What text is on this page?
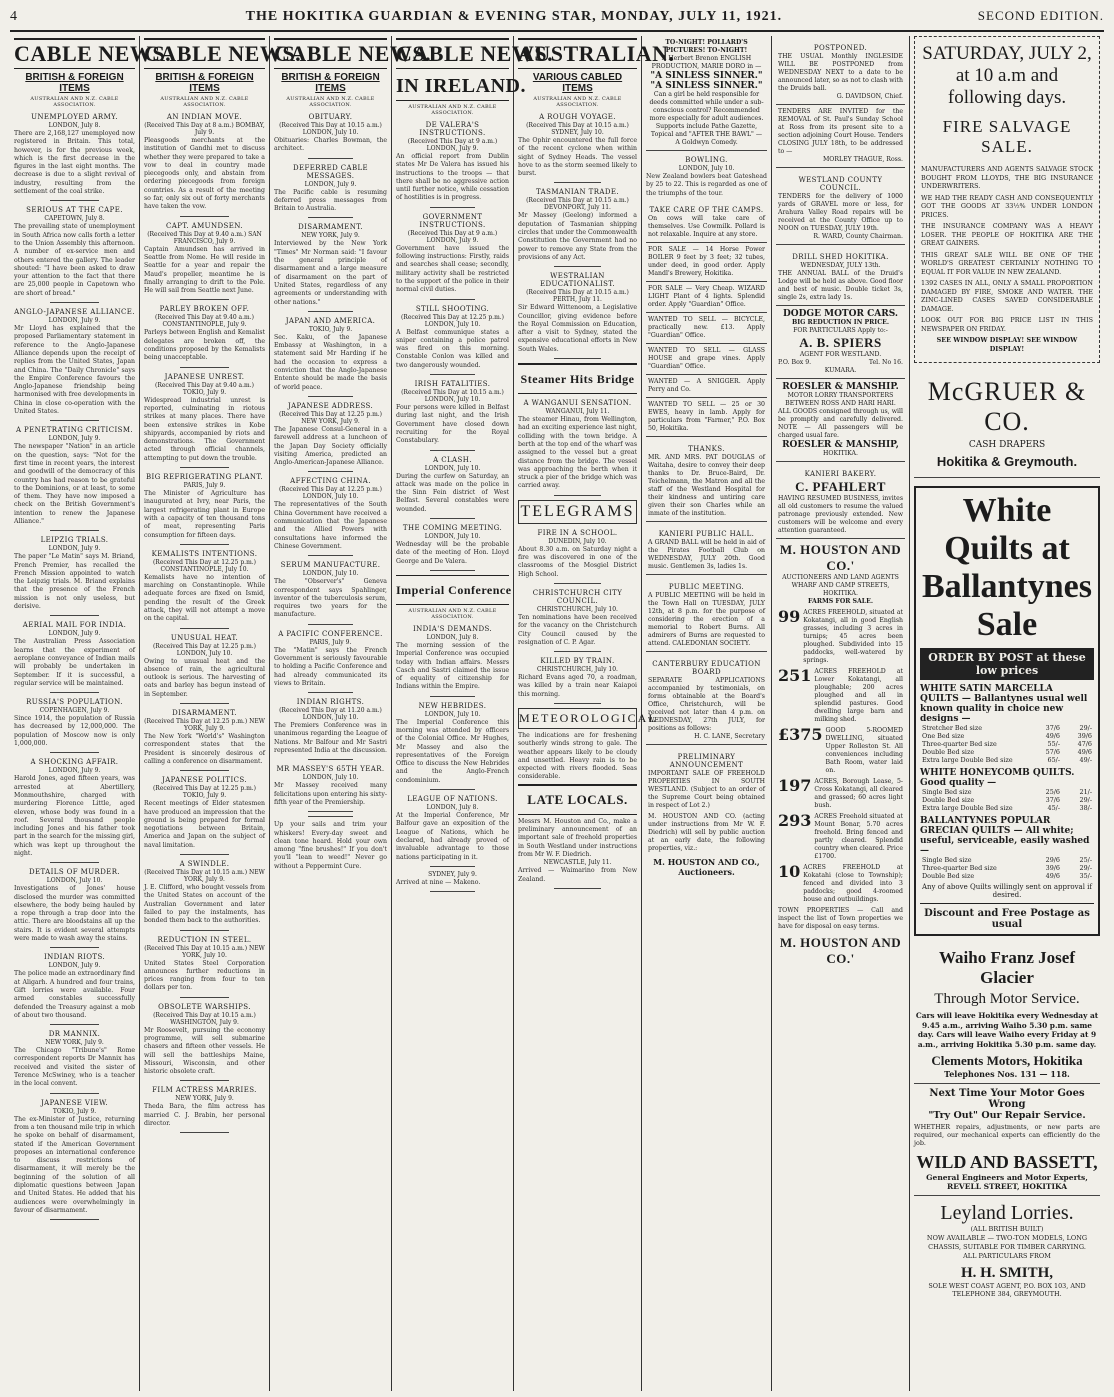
4	THE HOKITIKA GUARDIAN & EVENING STAR, MONDAY, JULY 11, 1921.	SECOND EDITION.
CABLE NEWS.
BRITISH & FOREIGN ITEMS
AUSTRALIAN AND N.Z. CABLE ASSOCIATION.
UNEMPLOYED ARMY.
LONDON, July 8.
There are 2,168,127 unemployed now registered in Britain. This total, however, is for the previous week, which is the first decrease in the figures in the last eight months. The decrease is due to a slight revival of industry, resulting from the settlement of the coal strike.
SERIOUS AT THE CAPE.
CAPETOWN, July 8.
The prevailing state of unemployment in South Africa now calls forth a letter to the Union Assembly this afternoon. A number of ex-service men and others entered the gallery. The leader shouted: "I have been asked to draw your attention to the fact that there are 25,000 people in Capetown who are short of bread."
ANGLO-JAPANESE ALLIANCE.
LONDON, July 9.
Mr Lloyd has explained that the proposed Parliamentary statement in reference to the Anglo-Japanese Alliance depends upon the receipt of replies from the United States, Japan and China. The "Daily Chronicle" says the Empire Conference favours the Anglo-Japanese friendship being harmonised with free developments in China in close co-operation with the United States.
A PENETRATING CRITICISM.
LONDON, July 9.
The newspaper "Nation" in an article on the question, says: "Not for the first time in recent years, the interest and goodwill of the democracy of this country has had reason to be grateful to the Dominions, or at least, to some of them. They have now imposed a check on the British Government's intention to renew the Japanese Alliance."
LEIPZIG TRIALS.
LONDON, July 9.
The paper "Le Matin" says M. Briand, French Premier, has recalled the French Mission appointed to watch the Leipzig trials. M. Briand explains that the presence of the French mission is not only useless, but derisive.
AERIAL MAIL FOR INDIA.
LONDON, July 9.
The Australian Press Association learns that the experiment of aeroplane conveyance of Indian mails will probably be undertaken in September. If it is successful, a regular service will be maintained.
RUSSIA'S POPULATION.
COPENHAGEN, July 9.
Since 1914, the population of Russia has decreased by 12,000,000. The population of Moscow now is only 1,000,000.
A SHOCKING AFFAIR.
LONDON, July 9.
Harold Jones, aged fifteen years, was arrested at Abertillery, Monmouthshire, charged with murdering Florence Little, aged eleven, whose body was found in a roof. Several thousand people including Jones and his father took part in the search for the missing girl, which was kept up throughout the night.
DETAILS OF MURDER.
LONDON, July 10.
Investigations of Jones' house disclosed the murder was committed elsewhere, the body being hauled by a rope through a trap door into the attic. There are bloodstains all up the stairs. It is evident several attempts were made to wash away the stains.
INDIAN RIOTS.
LONDON, July 9.
The police made an extraordinary find at Aligarh. A hundred and four trains, Gift lorries were available. Four armed constables successfully defended the Treasury against a mob of about two thousand.
DR MANNIX.
NEW YORK, July 9.
The Chicago "Tribune's" Rome correspondent reports Dr Mannix has received and visited the sister of Terence McSwiney, who is a teacher in the local convent.
JAPANESE VIEW.
TOKIO, July 9.
The ex-Minister of Justice, returning from a ten thousand mile trip in which he spoke on behalf of disarmament, stated if the American Government proposes an international conference to discuss restrictions of disarmament, it will merely be the beginning of the solution of all diplomatic questions between Japan and United States. He added that his audiences were overwhelmingly in favour of disarmament.
CABLE NEWS.
BRITISH & FOREIGN ITEMS
AUSTRALIAN AND N.Z. CABLE ASSOCIATION.
AN INDIAN MOVE.
(Received This Day at 8 a.m.) BOMBAY, July 9.
Pleasgoods merchants at the institution of Gandhi met to discuss whether they were prepared to take a vow to deal in country made piecegoods only, and abstain from ordering piecegoods from foreign countries. As a result of the meeting so far, only six out of forty merchants have taken the vow.
CAPT. AMUNDSEN.
(Received This Day at 9.40 a.m.) SAN FRANCISCO, July 9.
Captain Amundsen has arrived in Seattle from Nome. He will reside in Seattle for a year and repair the Maud's propeller, meantime he is finally arranging to drift to the Pole. He will sail from Seattle next June.
PARLEY BROKEN OFF.
(Received This Day at 9.40 a.m.) CONSTANTINOPLE, July 9.
Parleys between English and Kemalist delegates are broken off, the conditions proposed by the Kemalists being unacceptable.
JAPANESE UNREST.
(Received This Day at 9.40 a.m.) TOKIO, July 9.
Widespread industrial unrest is reported, culminating in riotous strikes at many places. There have been extensive strikes in Kobe shipyards, accompanied by riots and demonstrations. The Government acted through official channels, attempting to put down the trouble.
BIG REFRIGERATING PLANT.
PARIS, July 9.
The Minister of Agriculture has inaugurated at Ivry, near Paris, the largest refrigerating plant in Europe with a capacity of ten thousand tons of meat, representing Paris consumption for fifteen days.
KEMALISTS INTENTIONS.
(Received This Day at 12.25 p.m.) CONSTANTINOPLE, July 10.
Kemalists have no intention of marching on Constantinople. While adequate forces are fixed on Ismid, pending the result of the Greek attack, they will not attempt a move on the capital.
UNUSUAL HEAT.
(Received This Day at 12.25 p.m.) LONDON, July 10.
Owing to unusual heat and the absence of rain, the agricultural outlook is serious. The harvesting of oats and barley has begun instead of in September.
DISARMAMENT.
(Received This Day at 12.25 p.m.) NEW YORK, July 9.
The New York "World's" Washington correspondent states that the President is sincerely desirous of calling a conference on disarmament.
JAPANESE POLITICS.
(Received This Day at 12.25 p.m.) TOKIO, July 9.
Recent meetings of Elder statesmen have produced an impression that the ground is being prepared for formal negotiations between Britain, America and Japan on the subject of naval limitation.
A SWINDLE.
(Received This Day at 10.15 a.m.) NEW YORK, July 9.
J. E. Clifford, who bought vessels from the United States on account of the Australian Government and later failed to pay the instalments, has bonded them back to the authorities.
REDUCTION IN STEEL.
(Received This Day at 10.15 a.m.) NEW YORK, July 10.
United States Steel Corporation announces further reductions in prices ranging from four to ten dollars per ton.
OBSOLETE WARSHIPS.
(Received This Day at 10.15 a.m.) WASHINGTON, July 9.
Mr Roosevelt, pursuing the economy programme, will sell submarine chasers and fifteen other vessels. He will sell the battleships Maine, Missouri, Wisconsin, and other historic obsolete craft.
FILM ACTRESS MARRIES.
NEW YORK, July 9.
Theda Bara, the film actress has married C. J. Brabin, her personal director.
CABLE NEWS.
BRITISH & FOREIGN ITEMS
AUSTRALIAN AND N.Z. CABLE ASSOCIATION.
OBITUARY.
(Received This Day at 10.15 a.m.) LONDON, July 10.
Obituaries: Charles Bowman, the architect.
DEFERRED CABLE MESSAGES.
LONDON, July 9.
The Pacific cable is resuming deferred press messages from Britain to Australia.
DISARMAMENT.
NEW YORK, July 9.
Interviewed by the New York "Times" Mr Norman said: "I favour the general principle of disarmament and a large measure of disarmament on the part of United States, regardless of any agreements or understanding with other nations."
JAPAN AND AMERICA.
TOKIO, July 9.
Sec. Kaku, of the Japanese Embassy at Washington, in a statement said Mr Harding if he had the occasion to express a conviction that the Anglo-Japanese Entente should be made the basis of world peace.
JAPANESE ADDRESS.
(Received This Day at 12.25 p.m.) NEW YORK, July 9.
The Japanese Consul-General in a farewell address at a luncheon of the Japan Day Society officially visiting America, predicted an Anglo-American-Japanese Alliance.
AFFECTING CHINA.
(Received This Day at 12.25 p.m.) LONDON, July 10.
The representatives of the South China Government have received a communication that the Japanese and the Allied Powers with consultations have informed the Chinese Government.
SERUM MANUFACTURE.
LONDON, July 10.
The "Observer's" Geneva correspondent says Spahlinger, inventor of the tuberculosis serum, requires two years for the manufacture.
A PACIFIC CONFERENCE.
PARIS, July 9.
The "Matin" says the French Government is seriously favourable to holding a Pacific Conference and had already communicated its views to Britain.
INDIAN RIGHTS.
(Received This Day at 11.20 a.m.) LONDON, July 10.
The Premiers Conference was in unanimous regarding the League of Nations. Mr Balfour and Mr Sastri represented India at the discussion.
MR MASSEY'S 65TH YEAR.
LONDON, July 10.
Mr Massey received many felicitations upon entering his sixty-fifth year of the Premiership.
Up your sails and trim your whiskers! Every-day sweet and clean tone heard. Hold your own among "fine brushes!" If you don't you'll "lean to weed!" Never go without a Peppermint Cure.
CABLE NEWS.
IN IRELAND.
AUSTRALIAN AND N.Z. CABLE ASSOCIATION.
DE VALERA'S INSTRUCTIONS.
(Received This Day at 9 a.m.) LONDON, July 9.
An official report from Dublin states Mr De Valera has issued his instructions to the troops — that there shall be no aggressive action until further notice, while cessation of hostilities is in progress.
GOVERNMENT INSTRUCTIONS.
(Received This Day at 9 a.m.) LONDON, July 9.
Government have issued the following instructions: Firstly, raids and searches shall cease; secondly, military activity shall be restricted to the support of the police in their normal civil duties.
STILL SHOOTING.
(Received This Day at 12.25 p.m.) LONDON, July 10.
A Belfast communique states a sniper containing a police patrol was fired on this morning. Constable Conlon was killed and two dangerously wounded.
IRISH FATALITIES.
(Received This Day at 10.15 a.m.) LONDON, July 10.
Four persons were killed in Belfast during last night, and the Irish Government have closed down recruiting for the Royal Constabulary.
A CLASH.
LONDON, July 10.
During the curfew on Saturday, an attack was made on the police in the Sinn Fein district of West Belfast. Several constables were wounded.
THE COMING MEETING.
LONDON, July 10.
Wednesday will be the probable date of the meeting of Hon. Lloyd George and De Valera.
Imperial Conference
AUSTRALIAN AND N.Z. CABLE ASSOCIATION.
INDIA'S DEMANDS.
LONDON, July 8.
The morning session of the Imperial Conference was occupied today with Indian affairs. Messrs Casch and Sastri claimed the issue of equality of citizenship for Indians within the Empire.
NEW HEBRIDES.
LONDON, July 10.
The Imperial Conference this morning was attended by officers of the Colonial Office. Mr Hughes, Mr Massey and also the representatives of the Foreign Office to discuss the New Hebrides and the Anglo-French condominium.
LEAGUE OF NATIONS.
LONDON, July 8.
At the Imperial Conference, Mr Balfour gave an exposition of the League of Nations, which he declared, had already proved of invaluable advantage to those nations participating in it.
SYDNEY, July 9.
Arrived at nine — Makeno.
AUSTRALIAN.
VARIOUS CABLED ITEMS
AUSTRALIAN AND N.Z. CABLE ASSOCIATION.
A ROUGH VOYAGE.
(Received This Day at 10.15 a.m.) SYDNEY, July 10.
The Ophir encountered the full force of the recent cyclone when within sight of Sydney Heads. The vessel hove to as the storm seemed likely to burst.
TASMANIAN TRADE.
(Received This Day at 10.15 a.m.) DEVONPORT, July 11.
Mr Massey (Geelong) informed a deputation of Tasmanian shipping circles that under the Commonwealth Constitution the Government had no power to remove any State from the provisions of any Act.
WESTRALIAN EDUCATIONALIST.
(Received This Day at 10.15 a.m.) PERTH, July 11.
Sir Edward Wittenoom, a Legislative Councillor, giving evidence before the Royal Commission on Education, after a visit to Sydney, stated the expensive educational efforts in New South Wales.
Steamer Hits Bridge
A WANGANUI SENSATION.
WANGANUI, July 11.
The steamer Hinau, from Wellington, had an exciting experience last night, colliding with the town bridge. A berth at the top end of the wharf was assigned to the vessel but a great distance from the bridge. The vessel was approaching the berth when it struck a pier of the bridge which was carried away.
TELEGRAMS
FIRE IN A SCHOOL.
DUNEDIN, July 10.
About 8.30 a.m. on Saturday night a fire was discovered in one of the classrooms of the Mosgiel District High School.
CHRISTCHURCH CITY COUNCIL.
CHRISTCHURCH, July 10.
Ten nominations have been received for the vacancy on the Christchurch City Council caused by the resignation of C. P. Agar.
KILLED BY TRAIN.
CHRISTCHURCH, July 10.
Richard Evans aged 70, a roadman, was killed by a train near Kaiapoi this morning.
METEOROLOGICAL
The indications are for freshening southerly winds strong to gale. The weather appears likely to be cloudy and unsettled. Heavy rain is to be expected with rivers flooded. Seas considerable.
LATE LOCALS.
Messrs M. Houston and Co., make a preliminary announcement of an important sale of freehold properties in South Westland under instructions from Mr W. F. Diedrich.
NEWCASTLE, July 11.
Arrived — Waimarino from New Zealand.
TO-NIGHT! POLLARD'S PICTURES! TO-NIGHT!
A Herbert Brenon ENGLISH PRODUCTION, MARIE DORO in —
"A SINLESS SINNER." "A SINLESS SINNER."
Can a girl be held responsible for deeds committed while under a sub-conscious control? Recommended more especially for adult audiences. Supports include Pathe Gazette, Topical and "AFTER THE BAWL" — A Goldwyn Comedy.
BOWLING.
LONDON, July 10.
New Zealand bowlers beat Gateshead by 25 to 22. This is regarded as one of the triumphs of the tour.
TAKE CARE OF THE CAMPS.
On cows will take care of themselves. Use Cowmilk. Pollard is not relaxable. Inquire at any store.
FOR SALE — 14 Horse Power BOILER 9 feet by 3 feet; 32 tubes, under deed, in good order. Apply Mandl's Brewery, Hokitika.
FOR SALE — Very Cheap. WIZARD LIGHT Plant of 4 lights. Splendid order. Apply "Guardian" Office.
WANTED TO SELL — BICYCLE, practically new. £13. Apply "Guardian" Office.
WANTED TO SELL — GLASS HOUSE and grape vines. Apply "Guardian" Office.
WANTED — A SNIGGER. Apply Perry and Co.
WANTED TO SELL — 25 or 30 EWES, heavy in lamb. Apply for particulars from "Farmer," P.O. Box 50, Hokitika.
THANKS.
MR. AND MRS. PAT DOUGLAS of Waitaha, desire to convey their deep thanks to Dr. Bruce-Baird, Dr. Teichelmann, the Matron and all the staff of the Westland Hospital for their kindness and untiring care given their son Charles while an inmate of the institution.
KANIERI PUBLIC HALL.
A GRAND BALL will be held in aid of the Pirates Football Club on WEDNESDAY, JULY 20th. Good music. Gentlemen 3s, ladies 1s.
PUBLIC MEETING.
A PUBLIC MEETING will be held in the Town Hall on TUESDAY, JULY 12th, at 8 p.m. for the purpose of considering the erection of a memorial to Robert Burns. All admirers of Burns are requested to attend. CALEDONIAN SOCIETY.
CANTERBURY EDUCATION BOARD
SEPARATE APPLICATIONS accompanied by testimonials, on forms obtainable at the Board's Office, Christchurch, will be received not later than 4 p.m. on WEDNESDAY, 27th JULY, for positions as follows:
H. C. LANE, Secretary
PRELIMINARY ANNOUNCEMENT
IMPORTANT SALE OF FREEHOLD PROPERTIES IN SOUTH WESTLAND. (Subject to an order of the Supreme Court being obtained in respect of Lot 2.)
M. HOUSTON AND CO. (acting under instructions from Mr W. F. Diedrich) will sell by public auction at an early date, the following properties, viz.:
M. HOUSTON AND CO., Auctioneers.
POSTPONED.
THE USUAL Monthly INGLESIDE WILL BE POSTPONED from WEDNESDAY NEXT to a date to be announced later, so as not to clash with the Druids ball.
G. DAVIDSON, Chief.
TENDERS ARE INVITED for the REMOVAL of St. Paul's Sunday School at Ross from its present site to a section adjoining Court House. Tenders CLOSING JULY 18th, to be addressed to —
MORLEY THAGUE, Ross.
WESTLAND COUNTY COUNCIL.
TENDERS for the delivery of 1000 yards of GRAVEL more or less, for Arahura Valley Road repairs will be received at the County Office up to NOON on TUESDAY, JULY 19th.
R. WARD, County Chairman.
DRILL SHED HOKITIKA.
WEDNESDAY, JULY 13th.
THE ANNUAL BALL of the Druid's Lodge will be held as above. Good floor and best of music. Double ticket 3s, single 2s, extra lady 1s.
DODGE MOTOR CARS.
BIG REDUCTION IN PRICE.
FOR PARTICULARS Apply to:-
A. B. SPIERS
AGENT FOR WESTLAND.
P.O. Box 9.	Tel. No 16.
KUMARA.
ROESLER & MANSHIP.
MOTOR LORRY TRANSPORTERS BETWEEN ROSS AND HARI HARI.
ALL GOODS consigned through us, will be promptly and carefully delivered. NOTE — All passengers will be charged usual fare.
ROESLER & MANSHIP,
HOKITIKA.
KANIERI BAKERY.
C. PFAHLERT
HAVING RESUMED BUSINESS, invites all old customers to resume the valued patronage previously extended. New customers will be welcome and every attention guaranteed.
M. HOUSTON AND CO.'
AUCTIONEERS AND LAND AGENTS
WHARF AND CAMP STREETS, HOKITIKA.
FARMS FOR SALE.
99 ACRES FREEHOLD, situated at Kokatangi, all in good English grasses, including 3 acres in turnips; 45 acres been ploughed. Subdivided into 15 paddocks, well-watered by springs.
251 ACRES FREEHOLD at Lower Kokatangi, all ploughable; 200 acres ploughed and all in splendid pastures. Good dwelling large barn and milking shed.
£375 GOOD 5-ROOMED DWELLING, situated Upper Rolleston St. All conveniences including Bath Room, water laid on.
197 ACRES, Borough Lease, 5-Cross Kokatangi, all cleared and grassed; 60 acres light bush.
293 ACRES Freehold situated at Mount Bonar, 5.70 acres freehold. Bring fenced and partly cleared. Splendid country when cleared. Price £1700.
10 ACRES FREEHOLD at Kokatahi (close to Township); fenced and divided into 3 paddocks; good 4-roomed house and outbuildings.
TOWN PROPERTIES — Call and inspect the list of Town properties we have for disposal on easy terms.
M. HOUSTON AND CO.'
SATURDAY, JULY 2, at 10 a.m and following days.
FIRE SALVAGE SALE.

MANUFACTURERS AND AGENTS SALVAGE STOCK BOUGHT FROM LLOYDS, THE BIG INSURANCE UNDERWRITERS.

WE HAD THE READY CASH AND CONSEQUENTLY GOT THE GOODS AT 33½% UNDER LONDON PRICES.

THE INSURANCE COMPANY WAS A HEAVY LOSER. THE PEOPLE OF HOKITIKA ARE THE GREAT GAINERS.

THIS GREAT SALE WILL BE ONE OF THE WORLD'S GREATEST CERTAINLY NOTHING TO EQUAL IT FOR VALUE IN NEW ZEALAND.

1392 CASES IN ALL, ONLY A SMALL PROPORTION DAMAGED BY FIRE, SMOKE AND WATER. THE ZINC-LINED CASES SAVED CONSIDERABLE DAMAGE.

LOOK OUT FOR BIG PRICE LIST IN THIS NEWSPAPER ON FRIDAY.

SEE WINDOW DISPLAY! SEE WINDOW DISPLAY!

McGRUER & CO.
CASH DRAPERS
Hokitika & Greymouth.
White Quilts at
Ballantynes Sale
ORDER BY POST at these low prices
WHITE SATIN MARCELLA QUILTS — Ballantynes usual well known quality in choice new designs —
Stretcher Bed size	37/6	29/-
One Bed size	49/6	39/6
Three-quarter Bed size	55/-	47/6
Double Bed size	57/6	49/6
Extra large Double Bed size	65/-	49/-
WHITE HONEYCOMB QUILTS. Good quality —
Single Bed size	25/6	21/-
Double Bed size	37/6	29/-
Extra large Double Bed size	45/-	38/-
BALLANTYNES POPULAR GRECIAN QUILTS — All white; useful, serviceable, easily washed —
Single Bed size	29/6	25/-
Three-quarter Bed size	39/6	29/-
Double Bed size	49/6	35/-
Any of above Quilts willingly sent on approval if desired.
Discount and Free Postage as usual
Waiho Franz Josef Glacier
Through Motor Service.
Cars will leave Hokitika every Wednesday at 9.45 a.m., arriving Waiho 5.30 p.m. same day. Cars will leave Waiho every Friday at 9 a.m., arriving Hokitika 5.30 p.m. same day.
Clements Motors, Hokitika
Telephones Nos. 131 — 118.
Next Time Your Motor Goes Wrong
"Try Out" Our Repair Service.

WHETHER repairs, adjustments, or new parts are required, our mechanical experts can efficiently do the job.

WILD AND BASSETT,
General Engineers and Motor Experts, REVELL STREET, HOKITIKA
Leyland Lorries.
(ALL BRITISH BUILT)
NOW AVAILABLE — TWO-TON MODELS, LONG CHASSIS, SUITABLE FOR TIMBER CARRYING.
ALL PARTICULARS FROM
H. H. SMITH,
SOLE WEST COAST AGENT, P.O. BOX 103, AND TELEPHONE 384, GREYMOUTH.
